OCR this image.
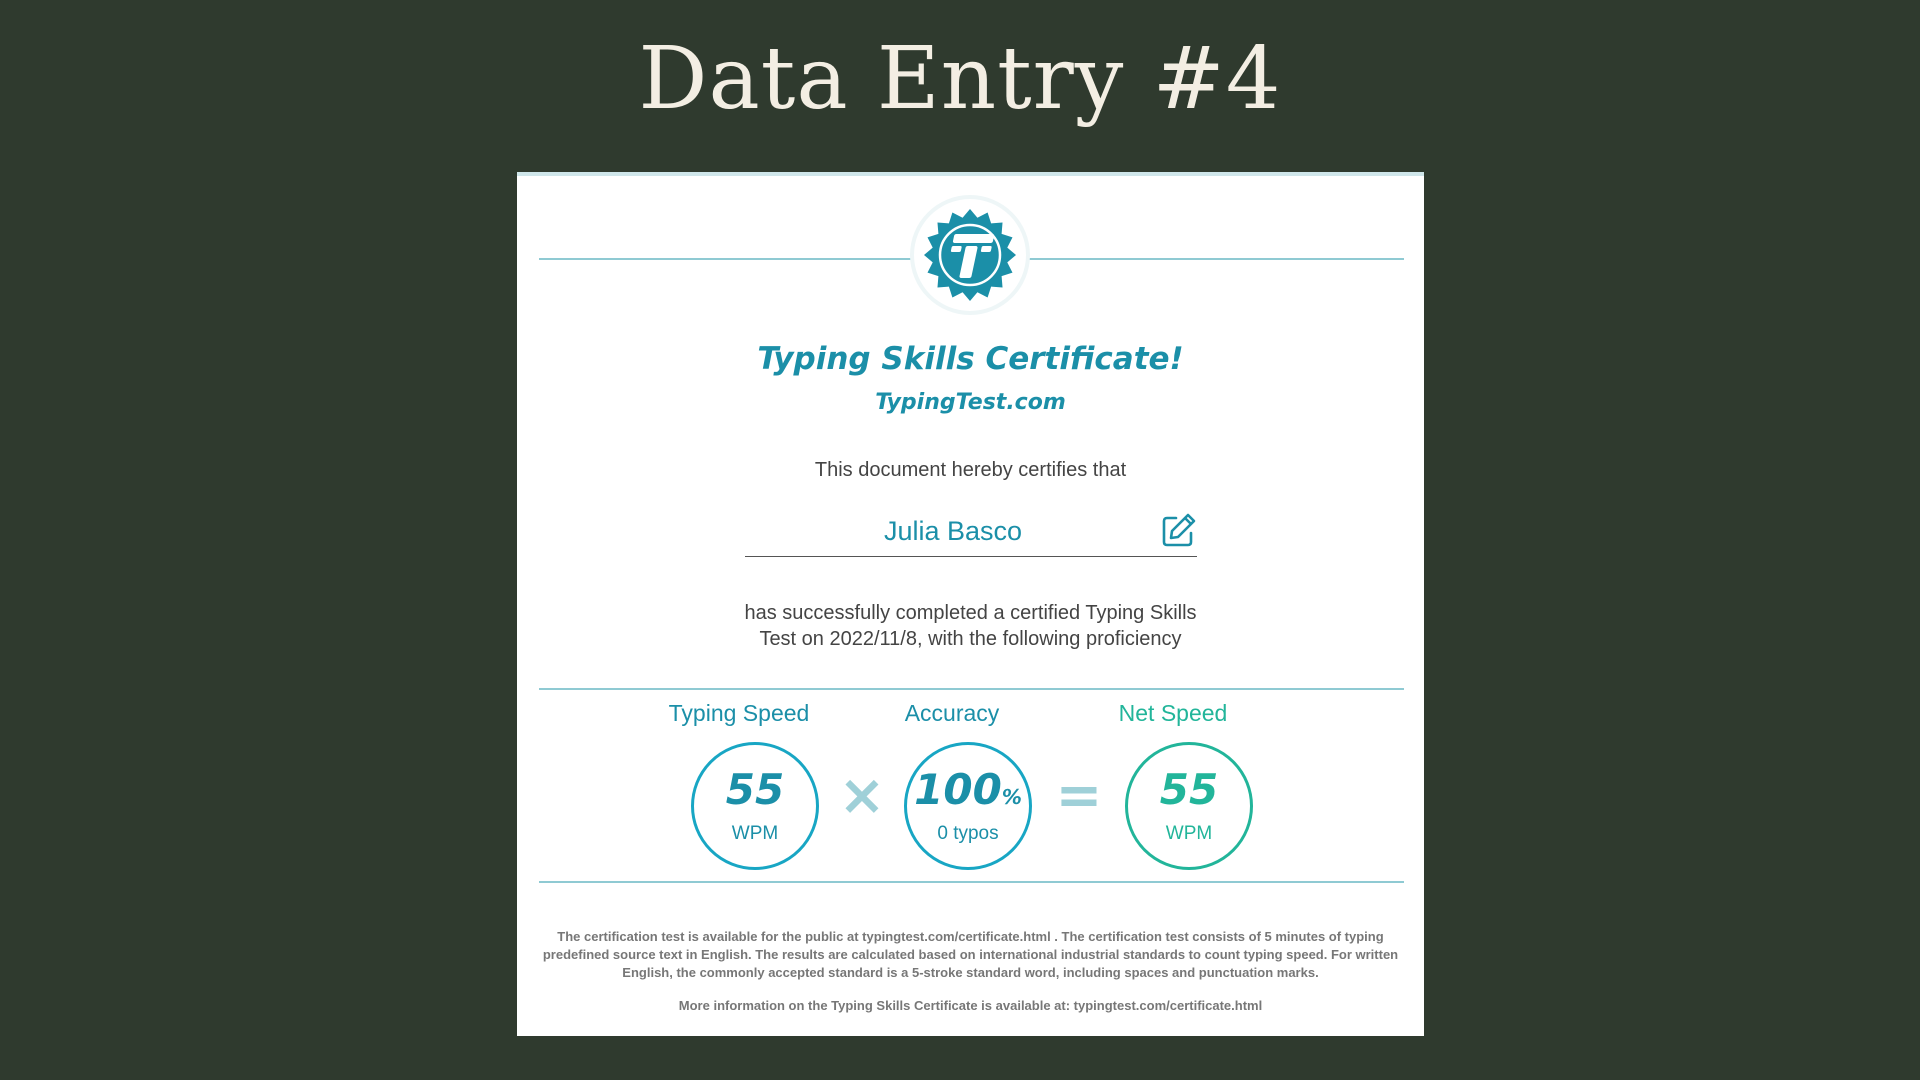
Data Entry #4
Typing Skills Certificate!
TypingTest.com
This document hereby certifies that
Julia Basco
has successfully completed a certified Typing Skills
Test on 2022/11/8, with the following proficiency
Typing Speed	Accuracy	Net Speed
55
WPM
× 100%
0 typos
=	55
WPM
The certification test is available for the public at typingtest.com/certificate.html . The certification test consists of 5 minutes of typing predefined source text in English. The results are calculated based on international industrial standards to count typing speed. For written English, the commonly accepted standard is a 5-stroke standard word, including spaces and punctuation marks.
More information on the Typing Skills Certificate is available at: typingtest.com/certificate.html
